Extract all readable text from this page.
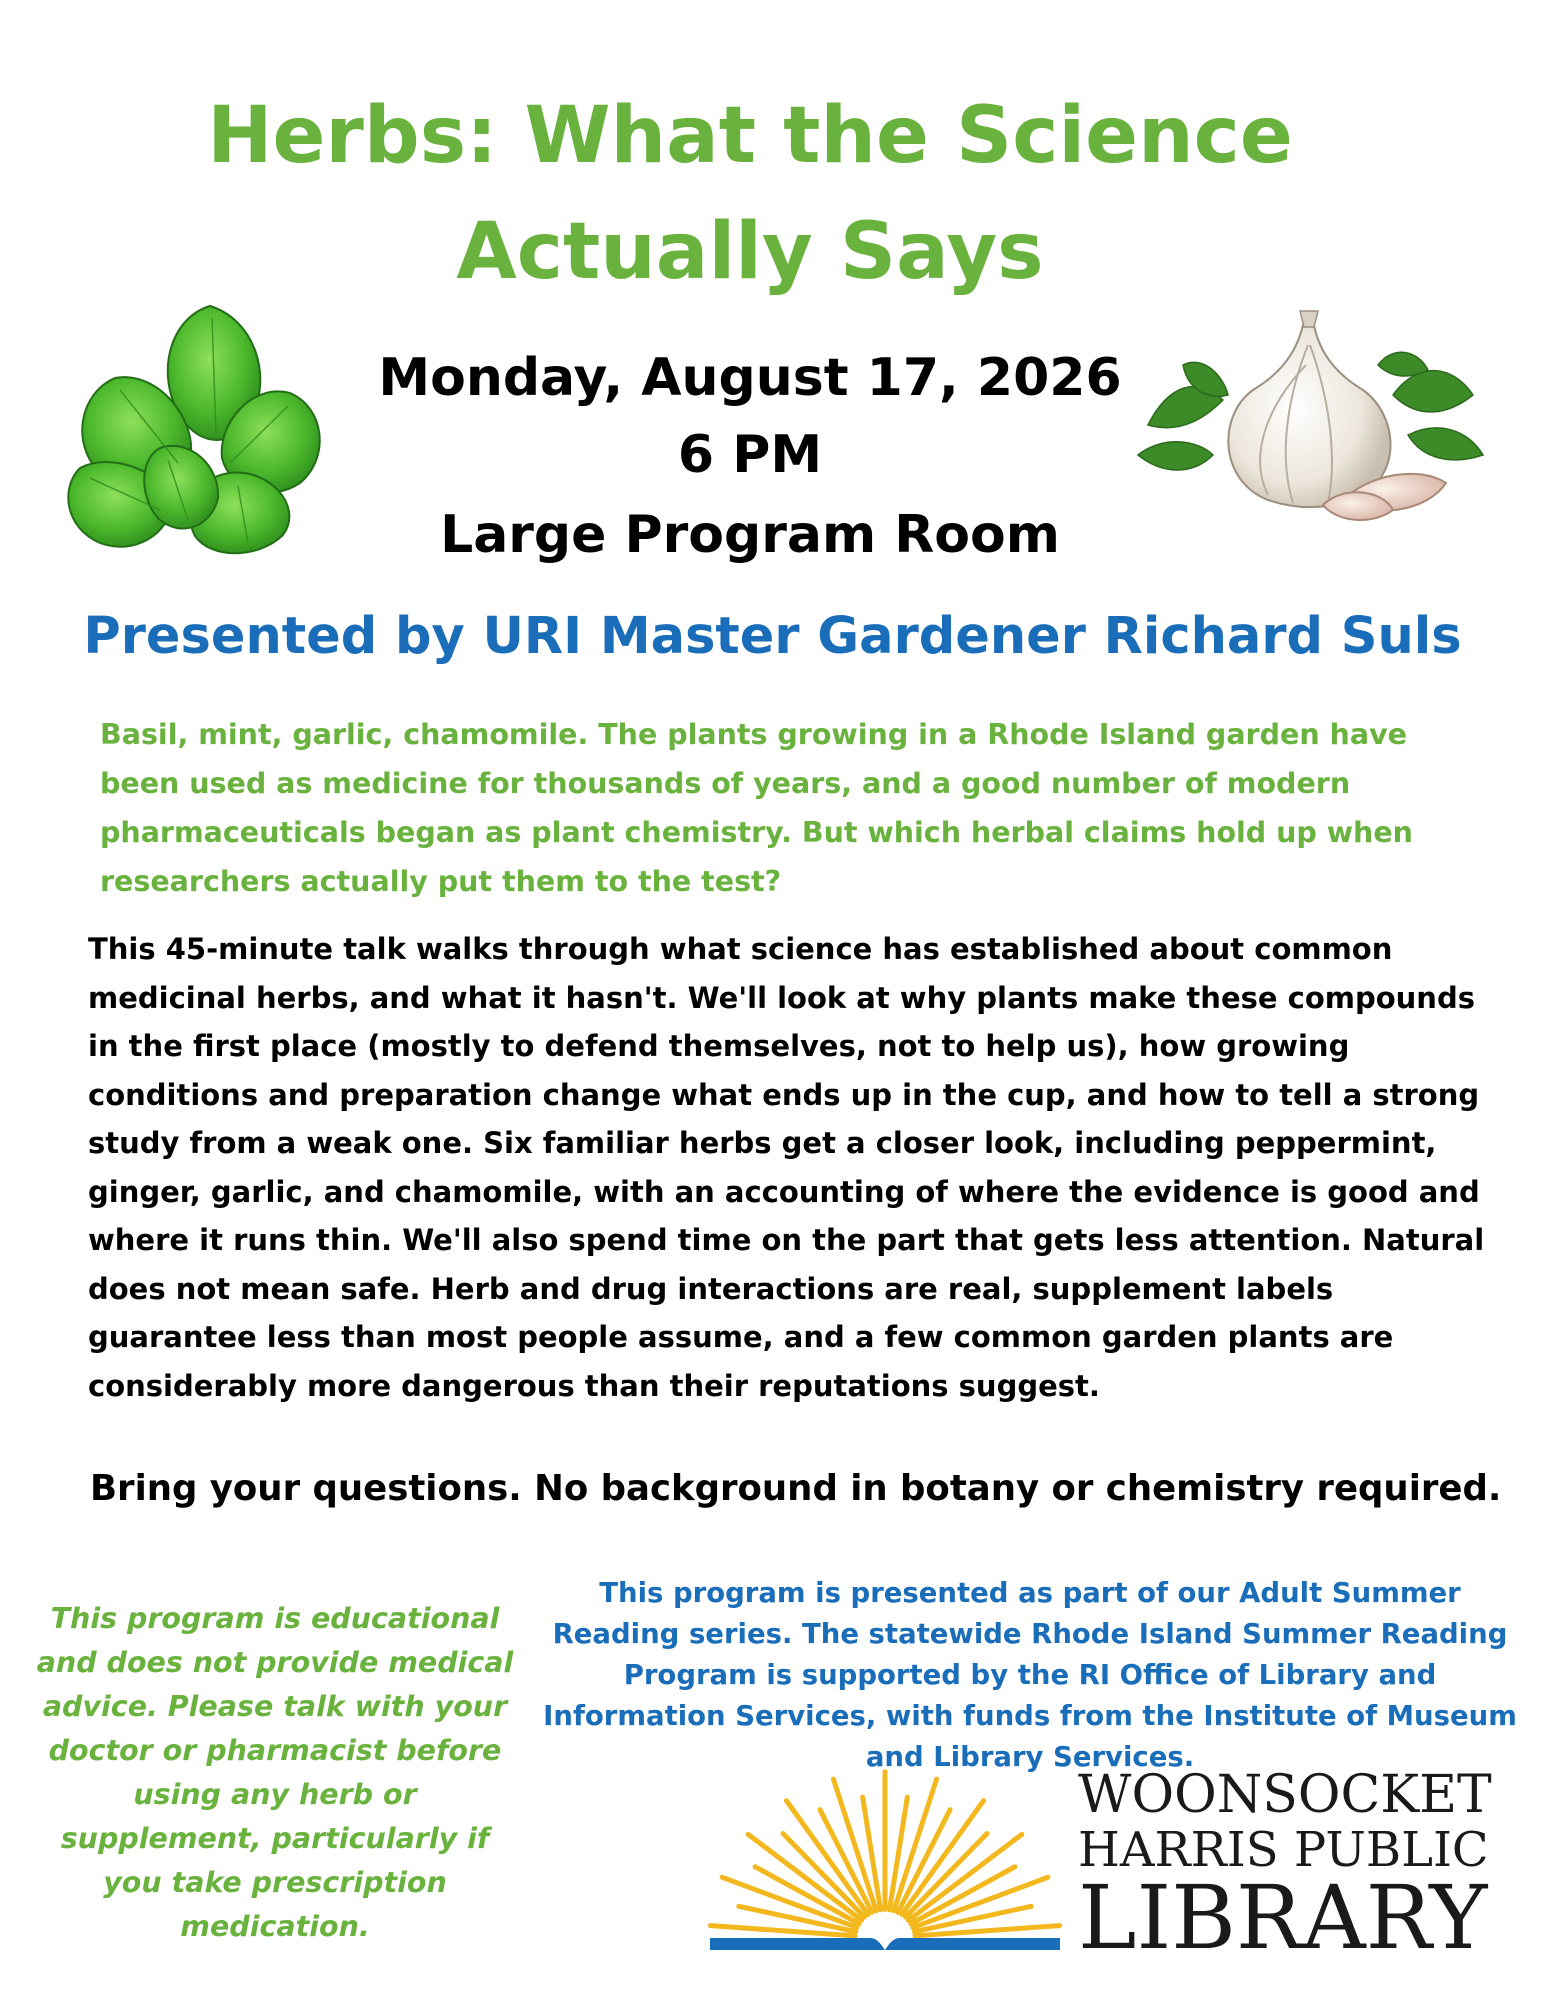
Herbs: What the Science Actually Says
Monday, August 17, 2026
6 PM
Large Program Room
Presented by URI Master Gardener Richard Suls
Basil, mint, garlic, chamomile. The plants growing in a Rhode Island garden have been used as medicine for thousands of years, and a good number of modern pharmaceuticals began as plant chemistry. But which herbal claims hold up when researchers actually put them to the test?
This 45-minute talk walks through what science has established about common medicinal herbs, and what it hasn't. We'll look at why plants make these compounds in the first place (mostly to defend themselves, not to help us), how growing conditions and preparation change what ends up in the cup, and how to tell a strong study from a weak one. Six familiar herbs get a closer look, including peppermint, ginger, garlic, and chamomile, with an accounting of where the evidence is good and where it runs thin. We'll also spend time on the part that gets less attention. Natural does not mean safe. Herb and drug interactions are real, supplement labels guarantee less than most people assume, and a few common garden plants are considerably more dangerous than their reputations suggest.
Bring your questions. No background in botany or chemistry required.
This program is educational and does not provide medical advice. Please talk with your doctor or pharmacist before using any herb or supplement, particularly if you take prescription medication.
This program is presented as part of our Adult Summer Reading series. The statewide Rhode Island Summer Reading Program is supported by the RI Office of Library and Information Services, with funds from the Institute of Museum and Library Services.
WOONSOCKET
HARRIS PUBLIC
LIBRARY
